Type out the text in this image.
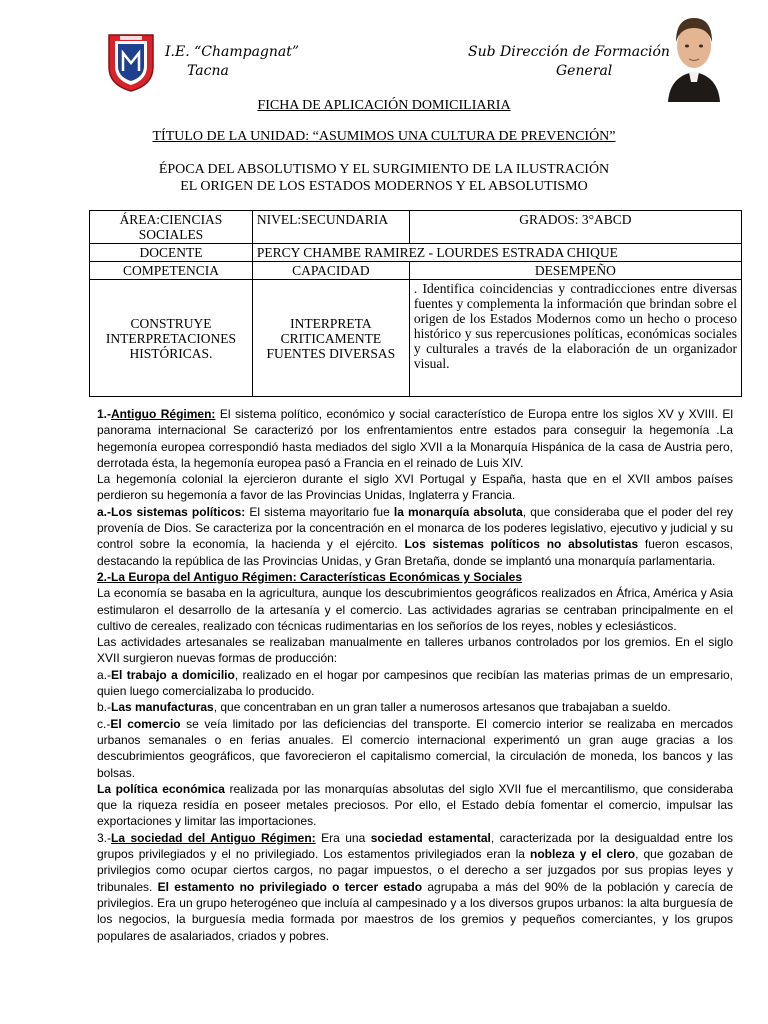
I.E. “Champagnat”
Tacna
Sub Dirección de Formación
General
FICHA DE APLICACIÓN DOMICILIARIA
TÍTULO DE LA UNIDAD: “ASUMIMOS UNA CULTURA DE PREVENCIÓN”
ÉPOCA DEL ABSOLUTISMO Y EL SURGIMIENTO DE LA ILUSTRACIÓN
EL ORIGEN DE LOS ESTADOS MODERNOS Y EL ABSOLUTISMO
ÁREA:CIENCIAS SOCIALES	NIVEL:SECUNDARIA	GRADOS: 3°ABCD
DOCENTE	PERCY CHAMBE RAMIREZ - LOURDES ESTRADA CHIQUE	
COMPETENCIA	CAPACIDAD	DESEMPEÑO
CONSTRUYE INTERPRETACIONES HISTÓRICAS.	INTERPRETA CRITICAMENTE FUENTES DIVERSAS	. Identifica coincidencias y contradicciones entre diversas fuentes y complementa la información que brindan sobre el origen de los Estados Modernos como un hecho o proceso histórico y sus repercusiones políticas, económicas sociales y culturales a través de la elaboración de un organizador visual.

1.-Antiguo Régimen: El sistema político, económico y social característico de Europa entre los siglos XV y XVIII. El panorama internacional Se caracterizó por los enfrentamientos entre estados para conseguir la hegemonía .La hegemonía europea correspondió hasta mediados del siglo XVII a la Monarquía Hispánica de la casa de Austria pero, derrotada ésta, la hegemonía europea pasó a Francia en el reinado de Luis XIV.

La hegemonía colonial la ejercieron durante el siglo XVI Portugal y España, hasta que en el XVII ambos países perdieron su hegemonía a favor de las Provincias Unidas, Inglaterra y Francia.

a.-Los sistemas políticos: El sistema mayoritario fue la monarquía absoluta, que consideraba que el poder del rey provenía de Dios. Se caracteriza por la concentración en el monarca de los poderes legislativo, ejecutivo y judicial y su control sobre la economía, la hacienda y el ejército. Los sistemas políticos no absolutistas fueron escasos, destacando la república de las Provincias Unidas, y Gran Bretaña, donde se implantó una monarquía parlamentaria.

2.-La Europa del Antiguo Régimen: Características Económicas y Sociales

La economía se basaba en la agricultura, aunque los descubrimientos geográficos realizados en África, América y Asia estimularon el desarrollo de la artesanía y el comercio. Las actividades agrarias se centraban principalmente en el cultivo de cereales, realizado con técnicas rudimentarias en los señoríos de los reyes, nobles y eclesiásticos.

Las actividades artesanales se realizaban manualmente en talleres urbanos controlados por los gremios. En el siglo XVII surgieron nuevas formas de producción:

a.-El trabajo a domicilio, realizado en el hogar por campesinos que recibían las materias primas de un empresario, quien luego comercializaba lo producido.

b.-Las manufacturas, que concentraban en un gran taller a numerosos artesanos que trabajaban a sueldo.

c.-El comercio se veía limitado por las deficiencias del transporte. El comercio interior se realizaba en mercados urbanos semanales o en ferias anuales. El comercio internacional experimentó un gran auge gracias a los descubrimientos geográficos, que favorecieron el capitalismo comercial, la circulación de moneda, los bancos y las bolsas.

La política económica realizada por las monarquías absolutas del siglo XVII fue el mercantilismo, que consideraba que la riqueza residía en poseer metales preciosos. Por ello, el Estado debía fomentar el comercio, impulsar las exportaciones y limitar las importaciones.

3.-La sociedad del Antiguo Régimen: Era una sociedad estamental, caracterizada por la desigualdad entre los grupos privilegiados y el no privilegiado. Los estamentos privilegiados eran la nobleza y el clero, que gozaban de privilegios como ocupar ciertos cargos, no pagar impuestos, o el derecho a ser juzgados por sus propias leyes y tribunales. El estamento no privilegiado o tercer estado agrupaba a más del 90% de la población y carecía de privilegios. Era un grupo heterogéneo que incluía al campesinado y a los diversos grupos urbanos: la alta burguesía de los negocios, la burguesía media formada por maestros de los gremios y pequeños comerciantes, y los grupos populares de asalariados, criados y pobres.
